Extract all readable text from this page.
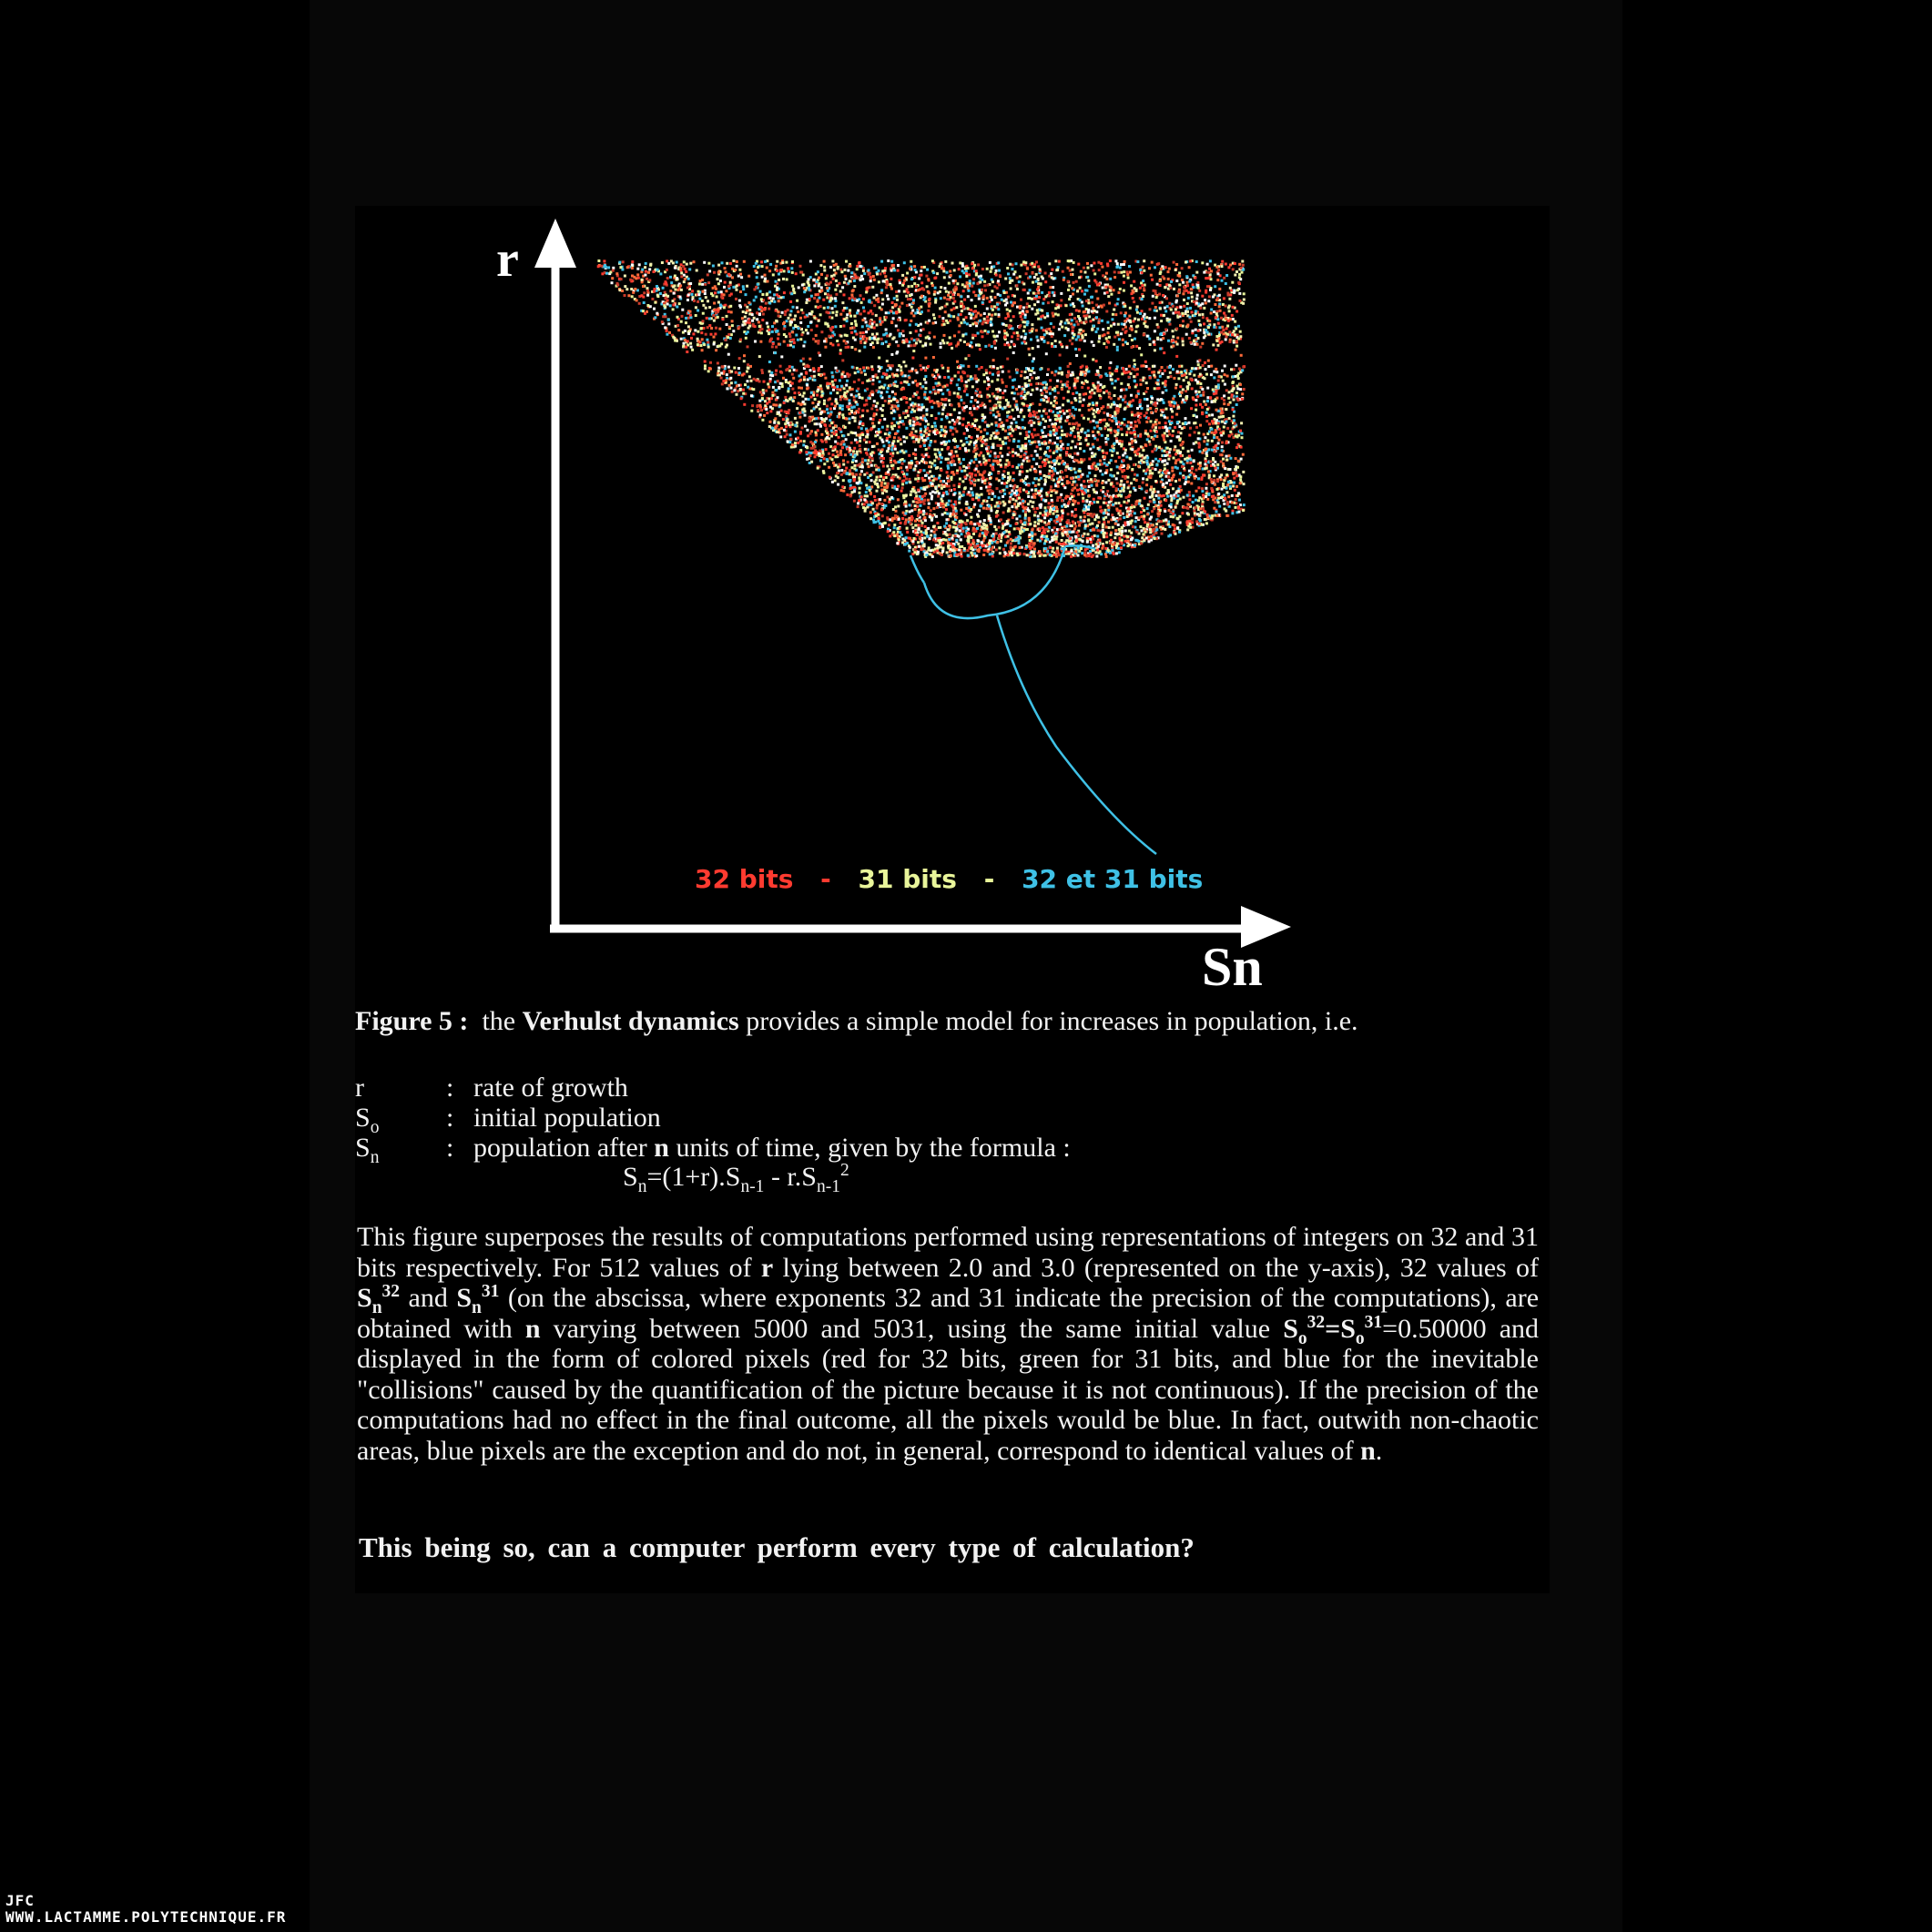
r
Sn
32 bits - 31 bits - 32 et 31 bits
Figure 5 : the Verhulst dynamics provides a simple model for increases in population, i.e.
r	: rate of growth
$S_o$ : initial population
$S_n$ : population after n units of time, given by the formula :
$S_n=(1+r).S_{n-1} - r.S_{n-1}^2$
This figure superposes the results of computations performed using representations of integers on 32 and 31 bits respectively. For 512 values of r lying between 2.0 and 3.0 (represented on the y-axis), 32 values of $S_n^{32}$ and $S_n^{31}$ (on the abscissa, where exponents 32 and 31 indicate the precision of the computations), are obtained with n varying between 5000 and 5031, using the same initial value $S_o^{32}=S_o^{31}=0.50000$ and displayed in the form of colored pixels (red for 32 bits, green for 31 bits, and blue for the inevitable "collisions" caused by the quantification of the picture because it is not continuous). If the precision of the computations had no effect in the final outcome, all the pixels would be blue. In fact, outwith non-chaotic areas, blue pixels are the exception and do not, in general, correspond to identical values of n.
This being so, can a computer perform every type of calculation?
JFC
WWW.LACTAMME.POLYTECHNIQUE.FR
